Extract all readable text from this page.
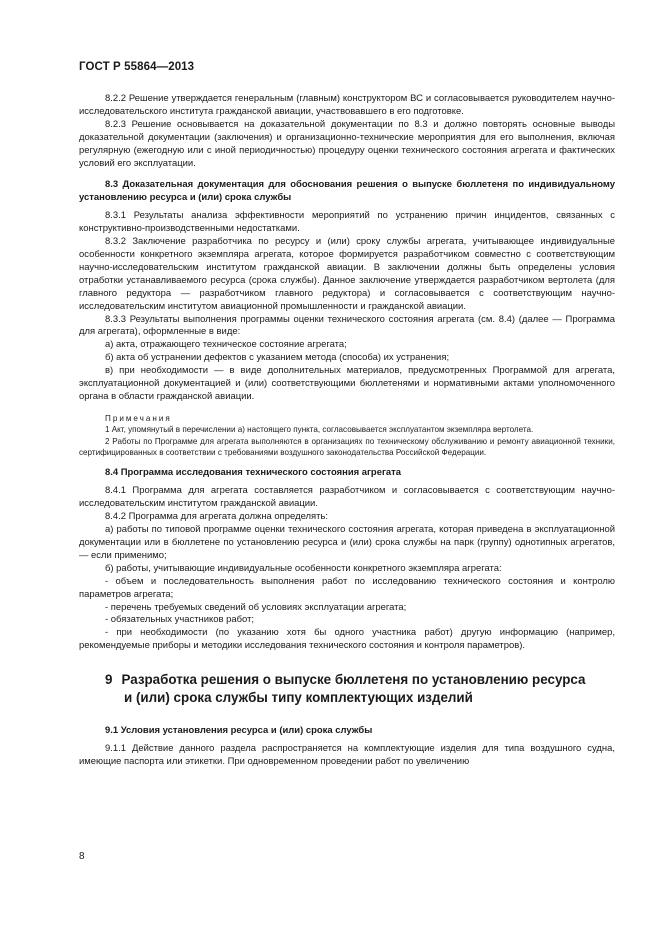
ГОСТ Р 55864—2013

8.2.2 Решение утверждается генеральным (главным) конструктором ВС и согласовывается руководителем научно-исследовательского института гражданской авиации, участвовавшего в его подготовке.

8.2.3 Решение основывается на доказательной документации по 8.3 и должно повторять основные выводы доказательной документации (заключения) и организационно-технические мероприятия для его выполнения, включая регулярную (ежегодную или с иной периодичностью) процедуру оценки технического состояния агрегата и фактических условий его эксплуатации.

8.3 Доказательная документация для обоснования решения о выпуске бюллетеня по индивидуальному установлению ресурса и (или) срока службы

8.3.1 Результаты анализа эффективности мероприятий по устранению причин инцидентов, связанных с конструктивно-производственными недостатками.

8.3.2 Заключение разработчика по ресурсу и (или) сроку службы агрегата, учитывающее индивидуальные особенности конкретного экземпляра агрегата, которое формируется разработчиком совместно с соответствующим научно-исследовательским институтом гражданской авиации. В заключении должны быть определены условия отработки устанавливаемого ресурса (срока службы). Данное заключение утверждается разработчиком вертолета (для главного редуктора — разработчиком главного редуктора) и согласовывается с соответствующим научно-исследовательским институтом авиационной промышленности и гражданской авиации.

8.3.3 Результаты выполнения программы оценки технического состояния агрегата (см. 8.4) (далее — Программа для агрегата), оформленные в виде:

а) акта, отражающего техническое состояние агрегата;

б) акта об устранении дефектов с указанием метода (способа) их устранения;

в) при необходимости — в виде дополнительных материалов, предусмотренных Программой для агрегата, эксплуатационной документацией и (или) соответствующими бюллетенями и нормативными актами уполномоченного органа в области гражданской авиации.

Примечания

1 Акт, упомянутый в перечислении а) настоящего пункта, согласовывается эксплуатантом экземпляра вертолета.

2 Работы по Программе для агрегата выполняются в организациях по техническому обслуживанию и ремонту авиационной техники, сертифицированных в соответствии с требованиями воздушного законодательства Российской Федерации.

8.4 Программа исследования технического состояния агрегата

8.4.1 Программа для агрегата составляется разработчиком и согласовывается с соответствующим научно-исследовательским институтом гражданской авиации.

8.4.2 Программа для агрегата должна определять:

а) работы по типовой программе оценки технического состояния агрегата, которая приведена в эксплуатационной документации или в бюллетене по установлению ресурса и (или) срока службы на парк (группу) однотипных агрегатов, — если применимо;

б) работы, учитывающие индивидуальные особенности конкретного экземпляра агрегата:

- объем и последовательность выполнения работ по исследованию технического состояния и контролю параметров агрегата;

- перечень требуемых сведений об условиях эксплуатации агрегата;

- обязательных участников работ;

- при необходимости (по указанию хотя бы одного участника работ) другую информацию (например, рекомендуемые приборы и методики исследования технического состояния и контроля параметров).

9 Разработка решения о выпуске бюллетеня по установлению ресурса
и (или) срока службы типу комплектующих изделий

9.1 Условия установления ресурса и (или) срока службы

9.1.1 Действие данного раздела распространяется на комплектующие изделия для типа воздушного судна, имеющие паспорта или этикетки. При одновременном проведении работ по увеличению

8
